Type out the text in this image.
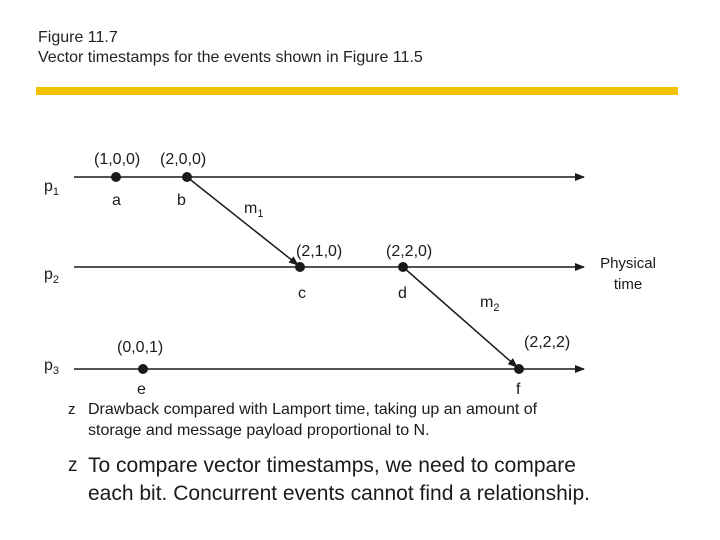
Figure 11.7
Vector timestamps for the events shown in Figure 11.5
$p_1$
$p_2$
$p_3$
Physical
time
(1,0,0) (2,0,0)
(2,1,0)	(2,2,0)
(0,0,1)	(2,2,2)
a	b
c	d
e	f
$m_1$
$m_2$
z Drawback compared with Lamport time, taking up an amount of
storage and message payload proportional to N.
z To compare vector timestamps, we need to compare
each bit. Concurrent events cannot find a relationship.
